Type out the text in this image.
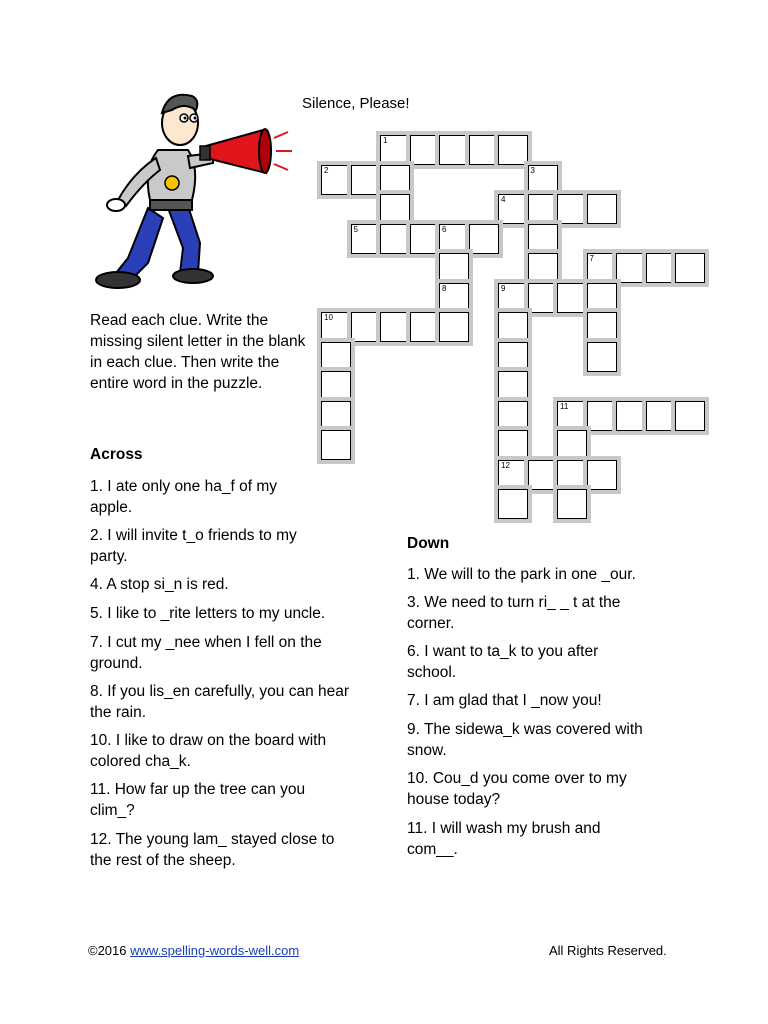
Silence, Please!
Read each clue. Write the missing silent letter in the blank in each clue. Then write the entire word in the puzzle.
Across
1. I ate only one ha_f of my apple.
2. I will invite t_o friends to my party.
4. A stop si_n is red.
5. I like to _rite letters to my uncle.
7. I cut my _nee when I fell on the ground.
8. If you lis_en carefully, you can hear the rain.
10. I like to draw on the board with colored cha_k.
11. How far up the tree can you clim_?
12. The young lam_ stayed close to the rest of the sheep.
Down
1. We will to the park in one _our.
3. We need to turn ri_ _ t at the corner.
6. I want to ta_k to you after school.
7. I am glad that I _now you!
9. The sidewa_k was covered with snow.
10. Cou_d you come over to my house today?
11. I will wash my brush and com__.
1
2	3
4
5	6
7
8	9
10
11
12
©2016 www.spelling-words-well.com	All Rights Reserved.
